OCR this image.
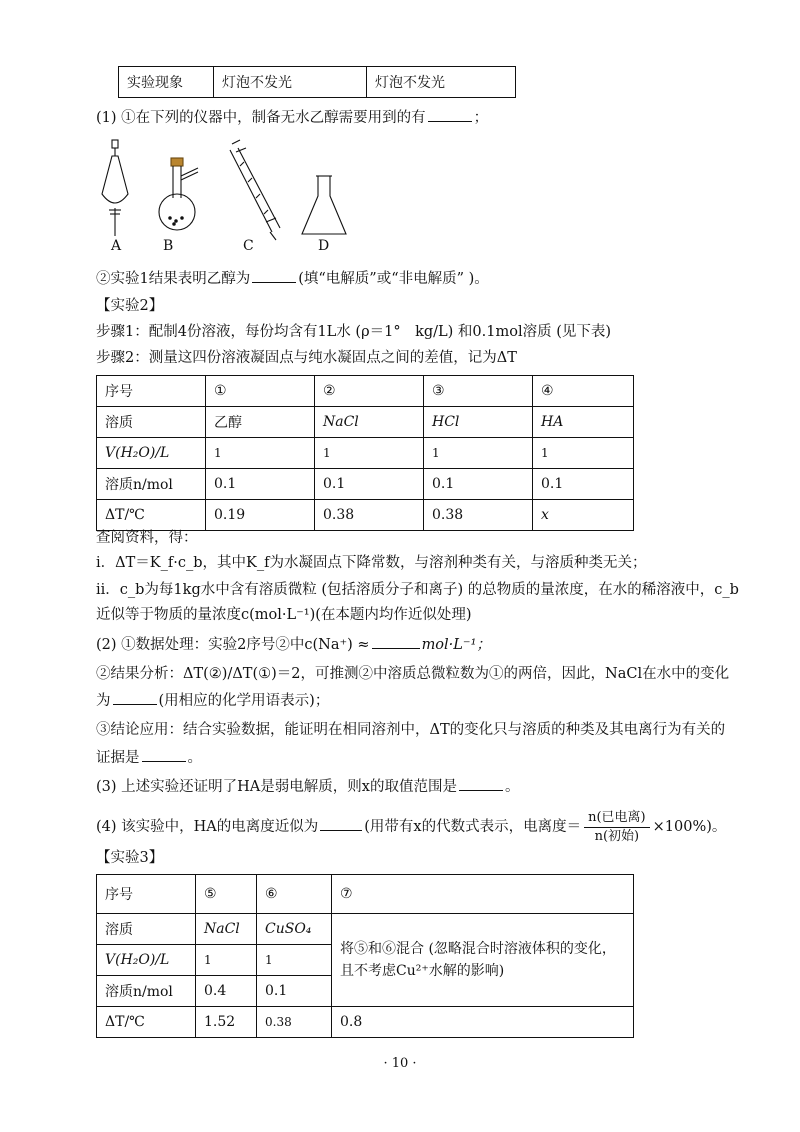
实验现象	灯泡不发光	灯泡不发光
(1) ①在下列的仪器中，制备无水乙醇需要用到的有	；
A	B	C	D
②实验1结果表明乙醇为	(填“电解质”或“非电解质” )。
【实验2】
步骤1：配制4份溶液，每份均含有1L水 (ρ＝1°　kg/L) 和0.1mol溶质 (见下表)
步骤2：测量这四份溶液凝固点与纯水凝固点之间的差值，记为ΔT
序号	①	②	③	④
溶质	乙醇	NaCl	HCl	HA
V(H₂O)/L	1	1	1	1
溶质n/mol	0.1	0.1	0.1	0.1
ΔT/℃	0.19	0.38	0.38	x
查阅资料，得：
i．ΔT＝K_f·c_b，其中K_f为水凝固点下降常数，与溶剂种类有关，与溶质种类无关；
ii．c_b为每1kg水中含有溶质微粒 (包括溶质分子和离子) 的总物质的量浓度，在水的稀溶液中，c_b
近似等于物质的量浓度c(mol·L⁻¹)(在本题内均作近似处理)
(2) ①数据处理：实验2序号②中c(Na⁺) ≈	mol·L⁻¹；
②结果分析：ΔT(②)/ΔT(①)＝2，可推测②中溶质总微粒数为①的两倍，因此，NaCl在水中的变化
为	(用相应的化学用语表示)；
③结论应用：结合实验数据，能证明在相同溶剂中，ΔT的变化只与溶质的种类及其电离行为有关的
证据是	。
(3) 上述实验还证明了HA是弱电解质，则x的取值范围是	。
(4) 该实验中，HA的电离度近似为	(用带有x的代数式表示，电离度＝ $\frac{\text{n(已电离)}}{\text{n(初始)}} \times 100\%$)。
【实验3】
序号	⑤	⑥	⑦
溶质	NaCl	CuSO₄	将⑤和⑥混合 (忽略混合时溶液体积的变化，
且不考虑Cu²⁺水解的影响)

V(H₂O)/L	1	1	
溶质n/mol	0.4	0.1	
ΔT/℃	1.52	0.38	0.8
· 10 ·
